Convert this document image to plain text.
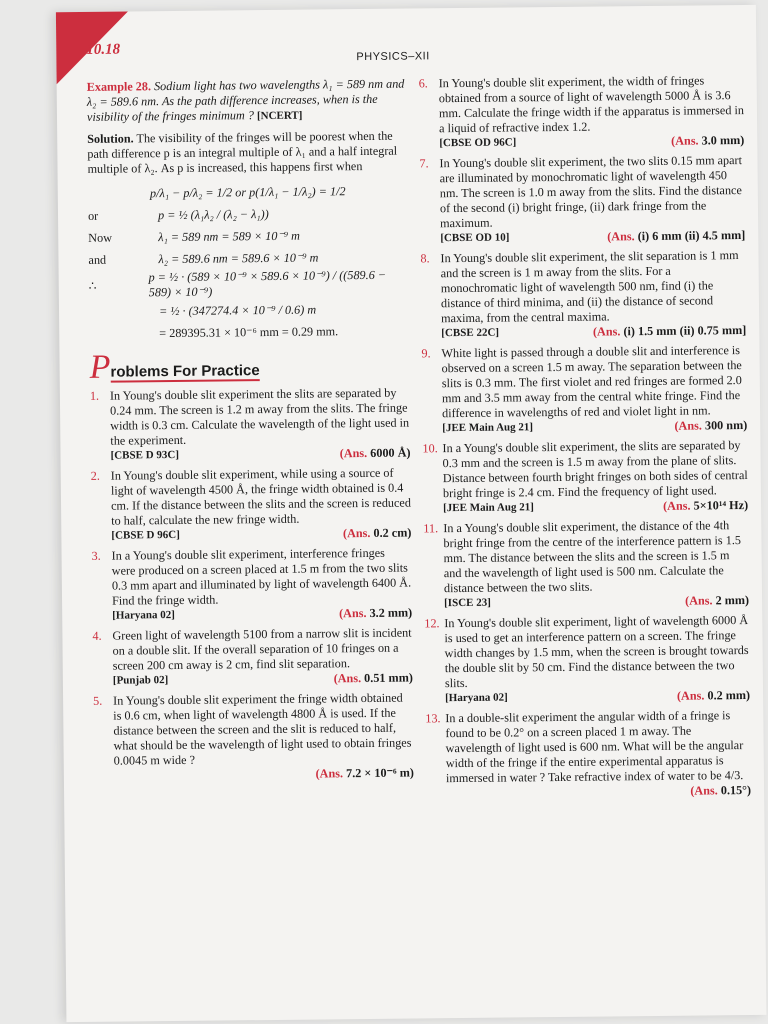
10.18	PHYSICS–XII

Example 28. Sodium light has two wavelengths λ₁ = 589 nm and λ₂ = 589.6 nm. As the path difference increases, when is the visibility of the fringes minimum ? [NCERT]

Solution. The visibility of the fringes will be poorest when the path difference p is an integral multiple of λ₁ and a half integral multiple of λ₂. As p is increased, this happens first when

p/λ₁ − p/λ₂ = 1/2 or p(1/λ₁ − 1/λ₂) = 1/2
or	p = ½ (λ₁λ₂ / (λ₂ − λ₁))
Now	λ₁ = 589 nm = 589 × 10⁻⁹ m
and	λ₂ = 589.6 nm = 589.6 × 10⁻⁹ m
∴
p = ½ · (589 × 10⁻⁹ × 589.6 × 10⁻⁹) / ((589.6 − 589) × 10⁻⁹)
= ½ · (347274.4 × 10⁻⁹ / 0.6) m
= 289395.31 × 10⁻⁶ mm = 0.29 mm.
P roblems For Practice
1. In Young's double slit experiment the slits are separated by 0.24 mm. The screen is 1.2 m away from the slits. The fringe width is 0.3 cm. Calculate the wavelength of the light used in the experiment.
[CBSE D 93C]	(Ans. 6000 Å)
2. In Young's double slit experiment, while using a source of light of wavelength 4500 Å, the fringe width obtained is 0.4 cm. If the distance between the slits and the screen is reduced to half, calculate the new fringe width.
[CBSE D 96C]	(Ans. 0.2 cm)
3. In a Young's double slit experiment, interference fringes were produced on a screen placed at 1.5 m from the two slits 0.3 mm apart and illuminated by light of wavelength 6400 Å. Find the fringe width.
[Haryana 02]	(Ans. 3.2 mm)
4. Green light of wavelength 5100 from a narrow slit is incident on a double slit. If the overall separation of 10 fringes on a screen 200 cm away is 2 cm, find slit separation.
[Punjab 02]	(Ans. 0.51 mm)
5. In Young's double slit experiment the fringe width obtained is 0.6 cm, when light of wavelength 4800 Å is used. If the distance between the screen and the slit is reduced to half, what should be the wavelength of light used to obtain fringes 0.0045 m wide ?
(Ans. 7.2 × 10⁻⁶ m)
6. In Young's double slit experiment, the width of fringes obtained from a source of light of wavelength 5000 Å is 3.6 mm. Calculate the fringe width if the apparatus is immersed in a liquid of refractive index 1.2.
[CBSE OD 96C]	(Ans. 3.0 mm)
7. In Young's double slit experiment, the two slits 0.15 mm apart are illuminated by monochromatic light of wavelength 450 nm. The screen is 1.0 m away from the slits. Find the distance of the second (i) bright fringe, (ii) dark fringe from the maximum.
[CBSE OD 10]	(Ans. (i) 6 mm (ii) 4.5 mm]
8. In Young's double slit experiment, the slit separation is 1 mm and the screen is 1 m away from the slits. For a monochromatic light of wavelength 500 nm, find (i) the distance of third minima, and (ii) the distance of second maxima, from the central maxima.
[CBSE 22C]	(Ans. (i) 1.5 mm (ii) 0.75 mm]
9. White light is passed through a double slit and interference is observed on a screen 1.5 m away. The separation between the slits is 0.3 mm. The first violet and red fringes are formed 2.0 mm and 3.5 mm away from the central white fringe. Find the difference in wavelengths of red and violet light in nm.
[JEE Main Aug 21]	(Ans. 300 nm)
10. In a Young's double slit experiment, the slits are separated by 0.3 mm and the screen is 1.5 m away from the plane of slits. Distance between fourth bright fringes on both sides of central bright fringe is 2.4 cm. Find the frequency of light used.
[JEE Main Aug 21]	(Ans. 5×10¹⁴ Hz)
11. In a Young's double slit experiment, the distance of the 4th bright fringe from the centre of the interference pattern is 1.5 mm. The distance between the slits and the screen is 1.5 m and the wavelength of light used is 500 nm. Calculate the distance between the two slits.
[ISCE 23]	(Ans. 2 mm)
12. In Young's double slit experiment, light of wavelength 6000 Å is used to get an interference pattern on a screen. The fringe width changes by 1.5 mm, when the screen is brought towards the double slit by 50 cm. Find the distance between the two slits.
[Haryana 02]	(Ans. 0.2 mm)
13. In a double-slit experiment the angular width of a fringe is found to be 0.2° on a screen placed 1 m away. The wavelength of light used is 600 nm. What will be the angular width of the fringe if the entire experimental apparatus is immersed in water ? Take refractive index of water to be 4/3.
(Ans. 0.15°)
